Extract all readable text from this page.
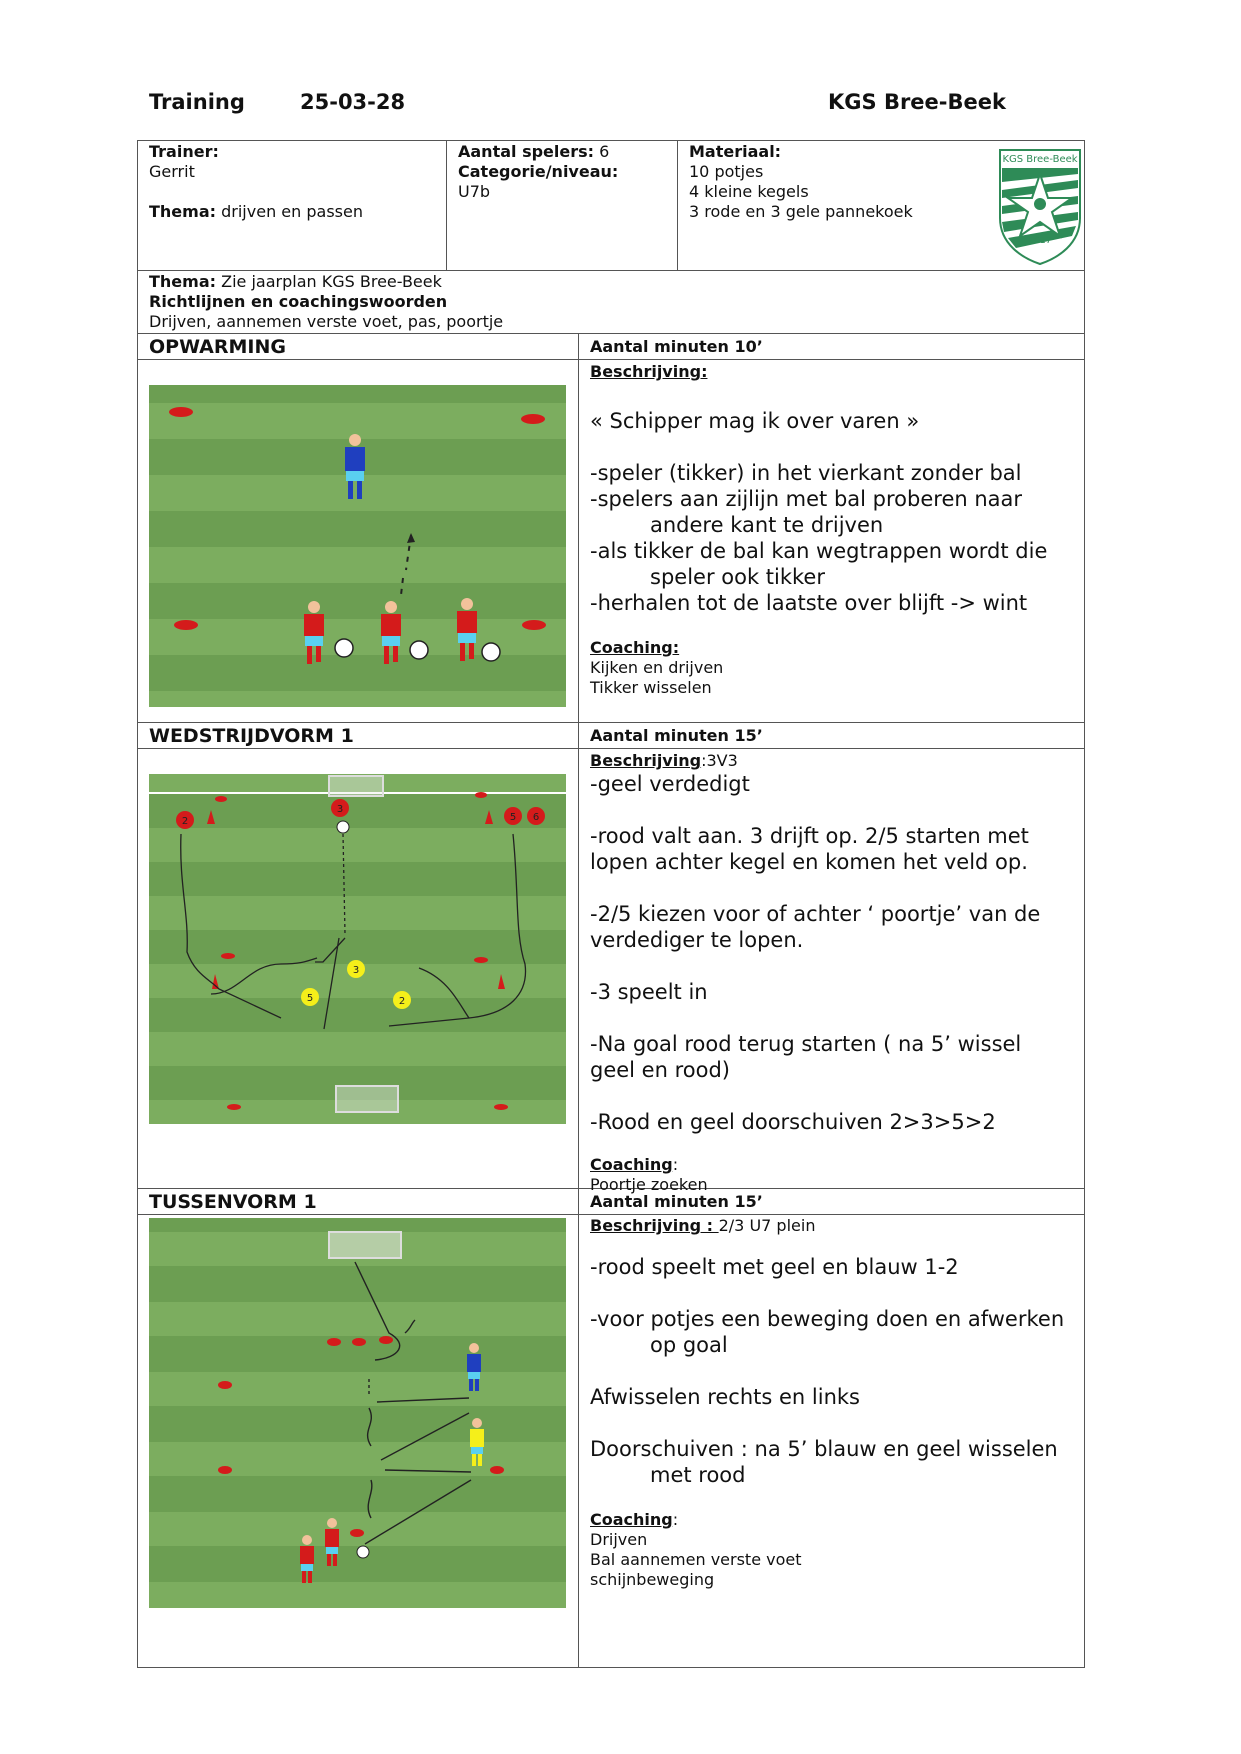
Training	25-03-28	KGS Bree-Beek
Trainer:
Gerrit
Thema: drijven en passen
Aantal spelers: 6
Categorie/niveau:
U7b
Materiaal:
10 potjes
4 kleine kegels
3 rode en 3 gele pannekoek
KGS Bree-Beek
2017
Thema: Zie jaarplan KGS Bree-Beek
Richtlijnen en coachingswoorden
Drijven, aannemen verste voet, pas, poortje
OPWARMING	Aantal minuten 10’
Beschrijving:
« Schipper mag ik over varen »
-speler (tikker) in het vierkant zonder bal
-spelers aan zijlijn met bal proberen naar
andere kant te drijven
-als tikker de bal kan wegtrappen wordt die
speler ook tikker
-herhalen tot de laatste over blijft -> wint
Coaching:
Kijken en drijven
Tikker wisselen
WEDSTRIJDVORM 1	Aantal minuten 15’
2
3
5 6
3
5	2
Beschrijving:3V3
-geel verdedigt
-rood valt aan. 3 drijft op. 2/5 starten met
lopen achter kegel en komen het veld op.
-2/5 kiezen voor of achter ‘ poortje’ van de
verdediger te lopen.
-3 speelt in
-Na goal rood terug starten ( na 5’ wissel
geel en rood)
-Rood en geel doorschuiven 2>3>5>2
Coaching:
Poortje zoeken
TUSSENVORM 1	Aantal minuten 15’
Beschrijving : 2/3 U7 plein
-rood speelt met geel en blauw 1-2
-voor potjes een beweging doen en afwerken
op goal
Afwisselen rechts en links
Doorschuiven : na 5’ blauw en geel wisselen
met rood
Coaching:
Drijven
Bal aannemen verste voet
schijnbeweging
